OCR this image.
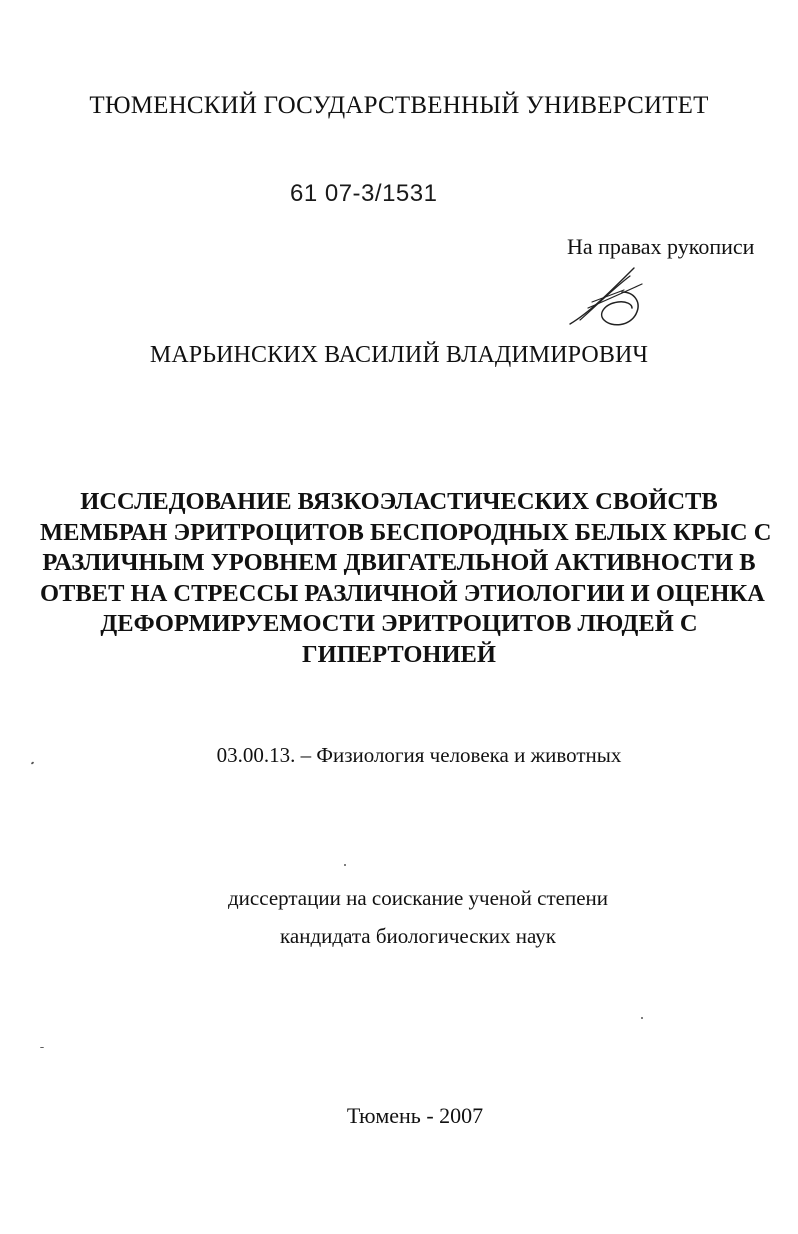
ТЮМЕНСКИЙ ГОСУДАРСТВЕННЫЙ УНИВЕРСИТЕТ
61 07-3/1531
На правах рукописи
МАРЬИНСКИХ ВАСИЛИЙ ВЛАДИМИРОВИЧ
ИССЛЕДОВАНИЕ ВЯЗКОЭЛАСТИЧЕСКИХ СВОЙСТВ
МЕМБРАН ЭРИТРОЦИТОВ БЕСПОРОДНЫХ БЕЛЫХ КРЫС С
РАЗЛИЧНЫМ УРОВНЕМ ДВИГАТЕЛЬНОЙ АКТИВНОСТИ В
ОТВЕТ НА СТРЕССЫ РАЗЛИЧНОЙ ЭТИОЛОГИИ И ОЦЕНКА
ДЕФОРМИРУЕМОСТИ ЭРИТРОЦИТОВ ЛЮДЕЙ С
ГИПЕРТОНИЕЙ
03.00.13. – Физиология человека и животных
диссертации на соискание ученой степени
кандидата биологических наук
Тюмень - 2007
